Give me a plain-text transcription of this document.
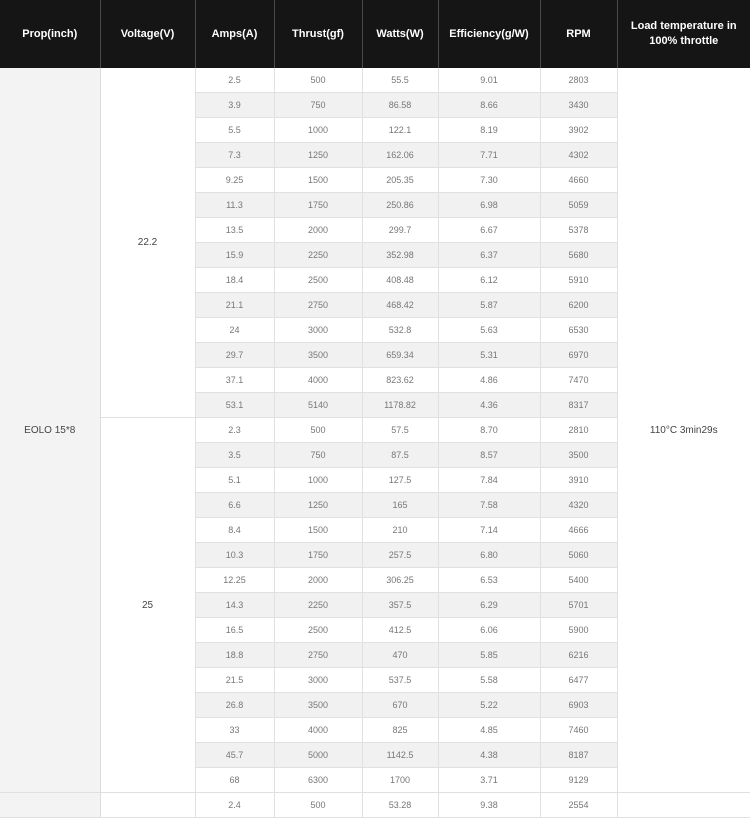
Prop(inch)	Voltage(V)	Amps(A)	Thrust(gf)	Watts(W)	Efficiency(g/W)	RPM	Load temperature in 100% throttle
EOLO 15*8	22.2	2.5	500	55.5	9.01	2803	110°C 3min29s
		3.9	750	86.58	8.66	3430	
		5.5	1000	122.1	8.19	3902	
		7.3	1250	162.06	7.71	4302	
		9.25	1500	205.35	7.30	4660	
		11.3	1750	250.86	6.98	5059	
		13.5	2000	299.7	6.67	5378	
		15.9	2250	352.98	6.37	5680	
		18.4	2500	408.48	6.12	5910	
		21.1	2750	468.42	5.87	6200	
		24	3000	532.8	5.63	6530	
		29.7	3500	659.34	5.31	6970	
		37.1	4000	823.62	4.86	7470	
		53.1	5140	1178.82	4.36	8317	
	25	2.3	500	57.5	8.70	2810	
		3.5	750	87.5	8.57	3500	
		5.1	1000	127.5	7.84	3910	
		6.6	1250	165	7.58	4320	
		8.4	1500	210	7.14	4666	
		10.3	1750	257.5	6.80	5060	
		12.25	2000	306.25	6.53	5400	
		14.3	2250	357.5	6.29	5701	
		16.5	2500	412.5	6.06	5900	
		18.8	2750	470	5.85	6216	
		21.5	3000	537.5	5.58	6477	
		26.8	3500	670	5.22	6903	
		33	4000	825	4.85	7460	
		45.7	5000	1142.5	4.38	8187	
		68	6300	1700	3.71	9129	
		2.4	500	53.28	9.38	2554	
